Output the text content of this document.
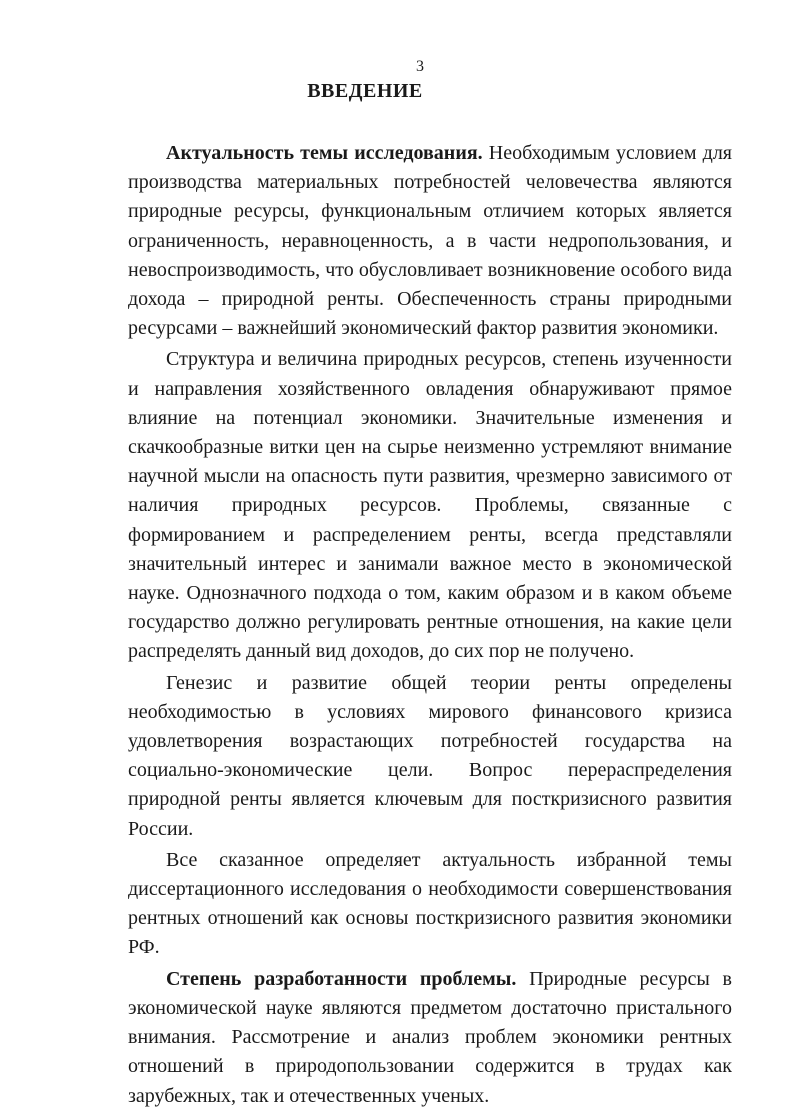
3
ВВЕДЕНИЕ

Актуальность темы исследования. Необходимым условием для производства материальных потребностей человечества являются природные ресурсы, функциональным отличием которых является ограниченность, неравноценность, а в части недропользования, и невоспроизводимость, что обусловливает возникновение особого вида дохода – природной ренты. Обеспеченность страны природными ресурсами – важнейший экономический фактор развития экономики.

Структура и величина природных ресурсов, степень изученности и направления хозяйственного овладения обнаруживают прямое влияние на потенциал экономики. Значительные изменения и скачкообразные витки цен на сырье неизменно устремляют внимание научной мысли на опасность пути развития, чрезмерно зависимого от наличия природных ресурсов. Проблемы, связанные с формированием и распределением ренты, всегда представляли значительный интерес и занимали важное место в экономической науке. Однозначного подхода о том, каким образом и в каком объеме государство должно регулировать рентные отношения, на какие цели распределять данный вид доходов, до сих пор не получено.

Генезис и развитие общей теории ренты определены необходимостью в условиях мирового финансового кризиса удовлетворения возрастающих потребностей государства на социально-экономические цели. Вопрос перераспределения природной ренты является ключевым для посткризисного развития России.

Все сказанное определяет актуальность избранной темы диссертационного исследования о необходимости совершенствования рентных отношений как основы посткризисного развития экономики РФ.

Степень разработанности проблемы. Природные ресурсы в экономической науке являются предметом достаточно пристального внимания. Рассмотрение и анализ проблем экономики рентных отношений в природопользовании содержится в трудах как зарубежных, так и отечественных ученых.
